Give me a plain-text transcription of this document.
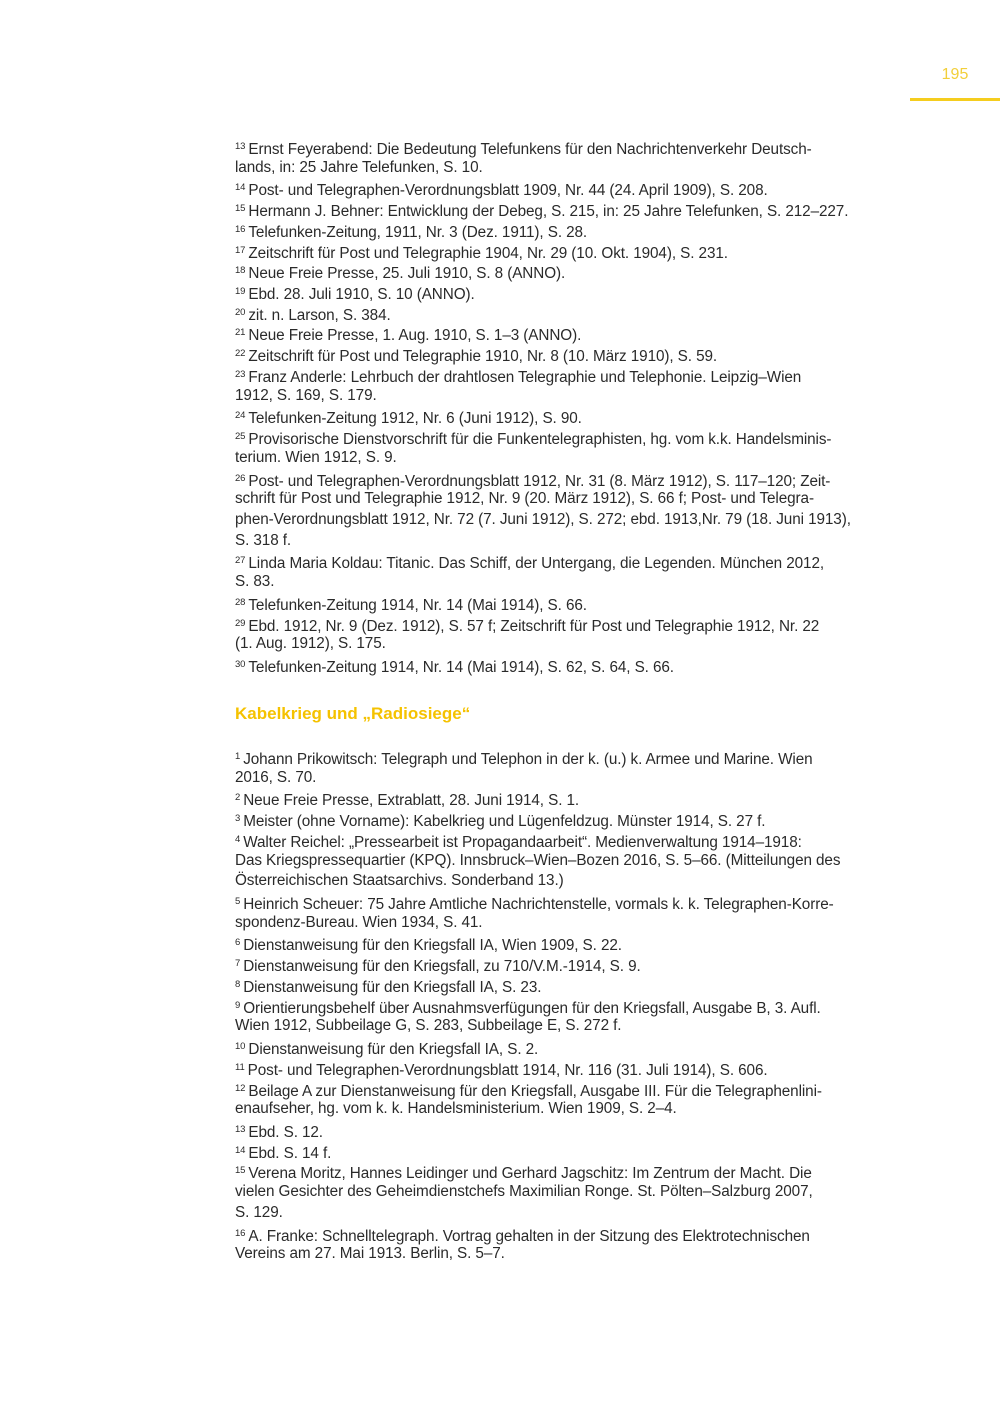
195
$^{13}$ Ernst Feyerabend: Die Bedeutung Telefunkens für den Nachrichtenverkehr Deutsch-
lands, in: 25 Jahre Telefunken, S. 10.
$^{14}$ Post- und Telegraphen-Verordnungsblatt 1909, Nr. 44 (24. April 1909), S. 208.
$^{15}$ Hermann J. Behner: Entwicklung der Debeg, S. 215, in: 25 Jahre Telefunken, S. 212–227.
$^{16}$ Telefunken-Zeitung, 1911, Nr. 3 (Dez. 1911), S. 28.
$^{17}$ Zeitschrift für Post und Telegraphie 1904, Nr. 29 (10. Okt. 1904), S. 231.
$^{18}$ Neue Freie Presse, 25. Juli 1910, S. 8 (ANNO).
$^{19}$ Ebd. 28. Juli 1910, S. 10 (ANNO).
$^{20}$ zit. n. Larson, S. 384.
$^{21}$ Neue Freie Presse, 1. Aug. 1910, S. 1–3 (ANNO).
$^{22}$ Zeitschrift für Post und Telegraphie 1910, Nr. 8 (10. März 1910), S. 59.
$^{23}$ Franz Anderle: Lehrbuch der drahtlosen Telegraphie und Telephonie. Leipzig–Wien
1912, S. 169, S. 179.
$^{24}$ Telefunken-Zeitung 1912, Nr. 6 (Juni 1912), S. 90.
$^{25}$ Provisorische Dienstvorschrift für die Funkentelegraphisten, hg. vom k.k. Handelsminis-
terium. Wien 1912, S. 9.
$^{26}$ Post- und Telegraphen-Verordnungsblatt 1912, Nr. 31 (8. März 1912), S. 117–120; Zeit-
schrift für Post und Telegraphie 1912, Nr. 9 (20. März 1912), S. 66 f; Post- und Telegra-
phen-Verordnungsblatt 1912, Nr. 72 (7. Juni 1912), S. 272; ebd. 1913,Nr. 79 (18. Juni 1913),
S. 318 f.
$^{27}$ Linda Maria Koldau: Titanic. Das Schiff, der Untergang, die Legenden. München 2012,
S. 83.
$^{28}$ Telefunken-Zeitung 1914, Nr. 14 (Mai 1914), S. 66.
$^{29}$ Ebd. 1912, Nr. 9 (Dez. 1912), S. 57 f; Zeitschrift für Post und Telegraphie 1912, Nr. 22
(1. Aug. 1912), S. 175.
$^{30}$ Telefunken-Zeitung 1914, Nr. 14 (Mai 1914), S. 62, S. 64, S. 66.
Kabelkrieg und „Radiosiege“
$^1$ Johann Prikowitsch: Telegraph und Telephon in der k. (u.) k. Armee und Marine. Wien
2016, S. 70.
$^2$ Neue Freie Presse, Extrablatt, 28. Juni 1914, S. 1.
$^3$ Meister (ohne Vorname): Kabelkrieg und Lügenfeldzug. Münster 1914, S. 27 f.
$^4$ Walter Reichel: „Pressearbeit ist Propagandaarbeit“. Medienverwaltung 1914–1918:
Das Kriegspressequartier (KPQ). Innsbruck–Wien–Bozen 2016, S. 5–66. (Mitteilungen des
Österreichischen Staatsarchivs. Sonderband 13.)
$^5$ Heinrich Scheuer: 75 Jahre Amtliche Nachrichtenstelle, vormals k. k. Telegraphen-Korre-
spondenz-Bureau. Wien 1934, S. 41.
$^6$ Dienstanweisung für den Kriegsfall IA, Wien 1909, S. 22.
$^7$ Dienstanweisung für den Kriegsfall, zu 710/V.M.-1914, S. 9.
$^8$ Dienstanweisung für den Kriegsfall IA, S. 23.
$^9$ Orientierungsbehelf über Ausnahmsverfügungen für den Kriegsfall, Ausgabe B, 3. Aufl.
Wien 1912, Subbeilage G, S. 283, Subbeilage E, S. 272 f.
$^{10}$ Dienstanweisung für den Kriegsfall IA, S. 2.
$^{11}$ Post- und Telegraphen-Verordnungsblatt 1914, Nr. 116 (31. Juli 1914), S. 606.
$^{12}$ Beilage A zur Dienstanweisung für den Kriegsfall, Ausgabe III. Für die Telegraphenlini-
enaufseher, hg. vom k. k. Handelsministerium. Wien 1909, S. 2–4.
$^{13}$ Ebd. S. 12.
$^{14}$ Ebd. S. 14 f.
$^{15}$ Verena Moritz, Hannes Leidinger und Gerhard Jagschitz: Im Zentrum der Macht. Die
vielen Gesichter des Geheimdienstchefs Maximilian Ronge. St. Pölten–Salzburg 2007,
S. 129.
$^{16}$ A. Franke: Schnelltelegraph. Vortrag gehalten in der Sitzung des Elektrotechnischen
Vereins am 27. Mai 1913. Berlin, S. 5–7.
